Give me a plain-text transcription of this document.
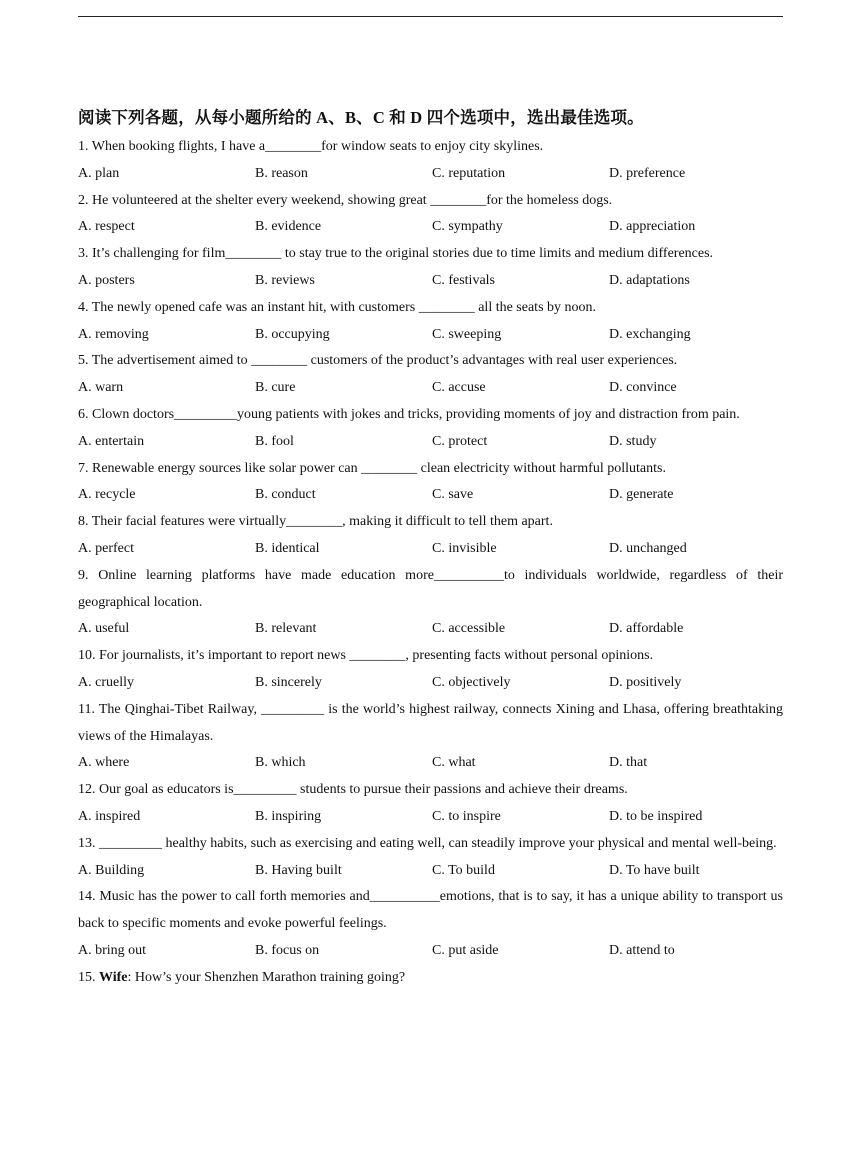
阅读下列各题，从每小题所给的 A、B、C 和 D 四个选项中，选出最佳选项。
1. When booking flights, I have a________for window seats to enjoy city skylines.
A. plan	B. reason	C. reputation	D. preference
2. He volunteered at the shelter every weekend, showing great ________for the homeless dogs.
A. respect	B. evidence	C. sympathy	D. appreciation
3. It’s challenging for film________ to stay true to the original stories due to time limits and medium differences.
A. posters	B. reviews	C. festivals	D. adaptations
4. The newly opened cafe was an instant hit, with customers ________ all the seats by noon.
A. removing	B. occupying	C. sweeping	D. exchanging
5. The advertisement aimed to ________ customers of the product’s advantages with real user experiences.
A. warn	B. cure	C. accuse	D. convince
6. Clown doctors_________young patients with jokes and tricks, providing moments of joy and distraction from pain.
A. entertain	B. fool	C. protect	D. study
7. Renewable energy sources like solar power can ________ clean electricity without harmful pollutants.
A. recycle	B. conduct	C. save	D. generate
8. Their facial features were virtually________, making it difficult to tell them apart.
A. perfect	B. identical	C. invisible	D. unchanged
9. Online learning platforms have made education more__________to individuals worldwide, regardless of their geographical location.
A. useful	B. relevant	C. accessible	D. affordable
10. For journalists, it’s important to report news ________, presenting facts without personal opinions.
A. cruelly	B. sincerely	C. objectively	D. positively
11. The Qinghai-Tibet Railway, _________ is the world’s highest railway, connects Xining and Lhasa, offering breathtaking views of the Himalayas.
A. where	B. which	C. what	D. that
12. Our goal as educators is_________ students to pursue their passions and achieve their dreams.
A. inspired	B. inspiring	C. to inspire	D. to be inspired
13. _________ healthy habits, such as exercising and eating well, can steadily improve your physical and mental well-being.
A. Building	B. Having built	C. To build	D. To have built
14. Music has the power to call forth memories and__________emotions, that is to say, it has a unique ability to transport us back to specific moments and evoke powerful feelings.
A. bring out	B. focus on	C. put aside	D. attend to
15. Wife: How’s your Shenzhen Marathon training going?
